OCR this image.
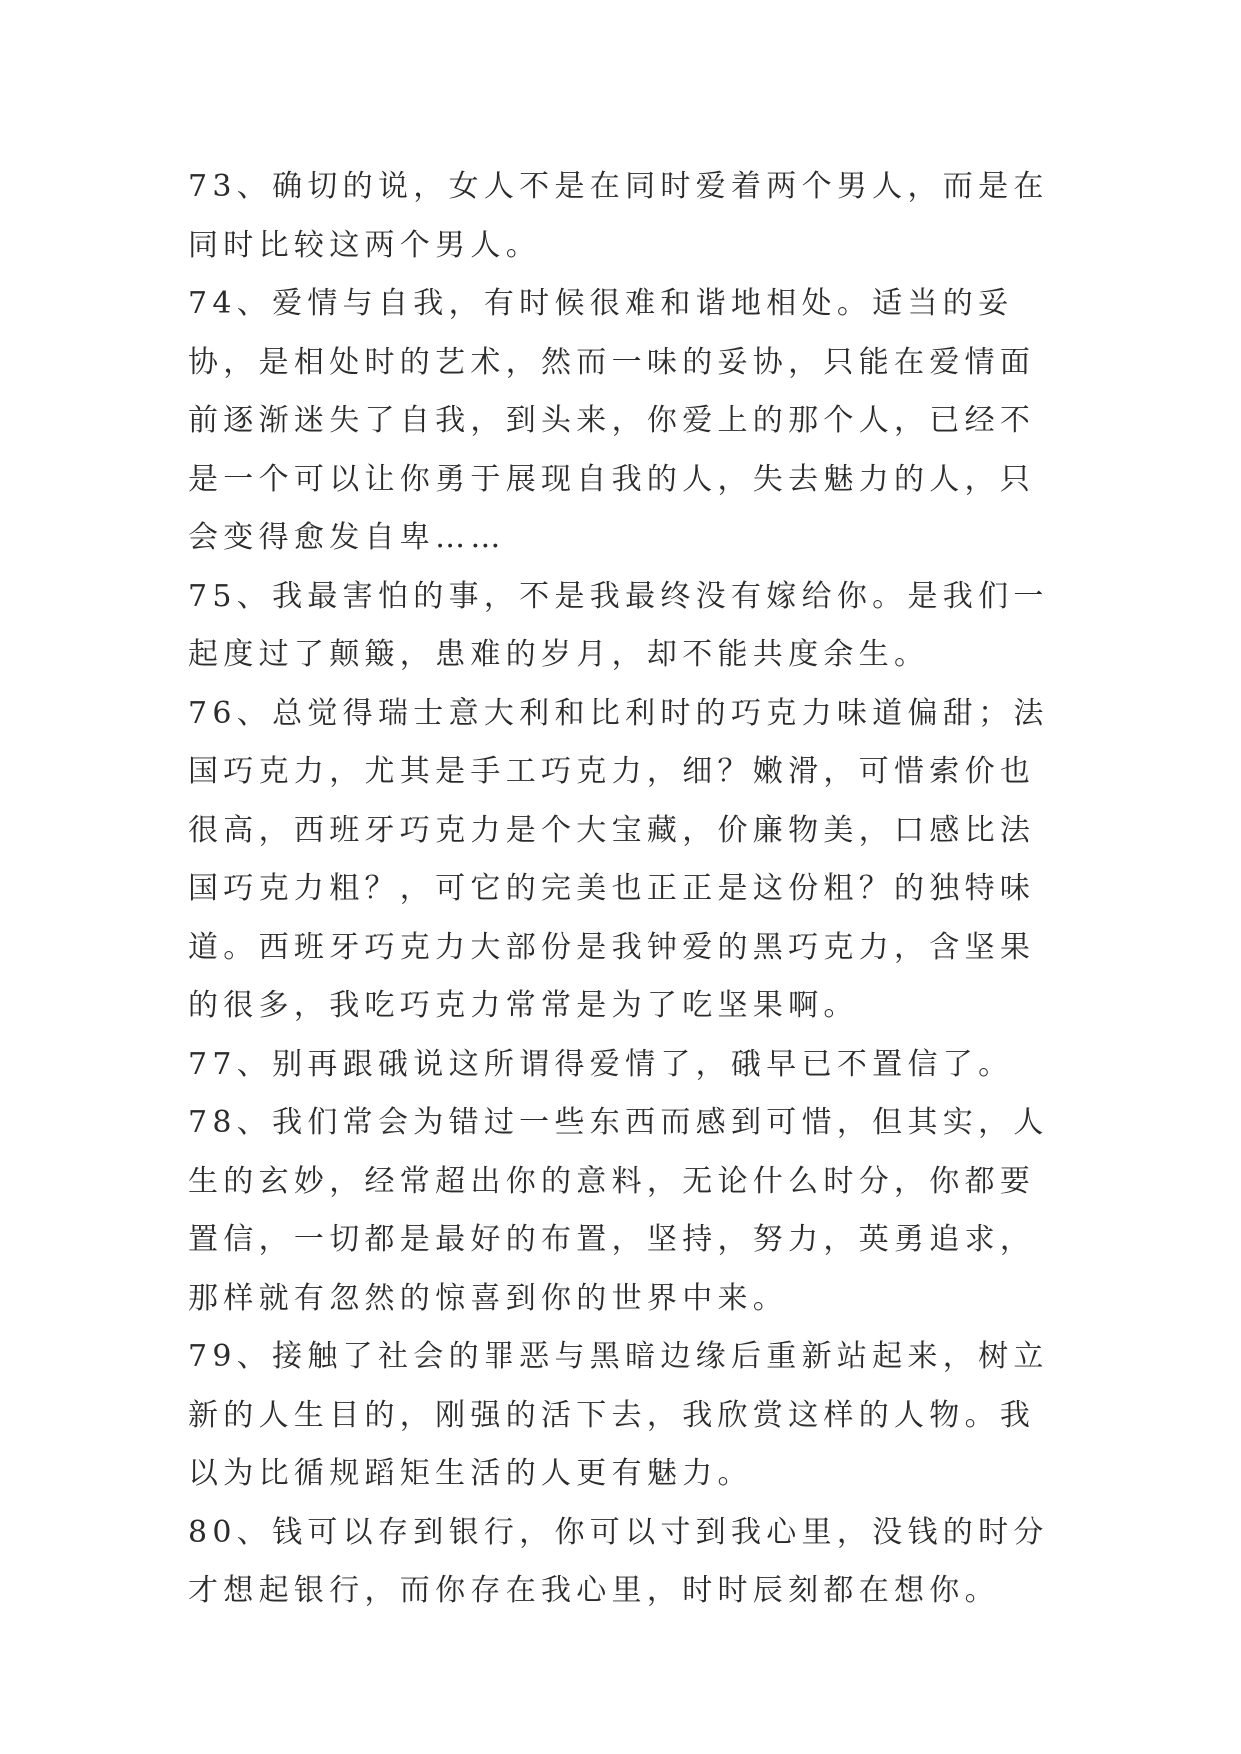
73、确切的说，女人不是在同时爱着两个男人，而是在同时比较这两个男人。

74、爱情与自我，有时候很难和谐地相处。适当的妥协，是相处时的艺术，然而一味的妥协，只能在爱情面前逐渐迷失了自我，到头来，你爱上的那个人，已经不是一个可以让你勇于展现自我的人，失去魅力的人，只会变得愈发自卑……

75、我最害怕的事，不是我最终没有嫁给你。是我们一起度过了颠簸，患难的岁月，却不能共度余生。

76、总觉得瑞士意大利和比利时的巧克力味道偏甜；法国巧克力，尤其是手工巧克力，细？嫩滑，可惜索价也很高，西班牙巧克力是个大宝藏，价廉物美，口感比法国巧克力粗？，可它的完美也正正是这份粗？的独特味道。西班牙巧克力大部份是我钟爱的黑巧克力，含坚果的很多，我吃巧克力常常是为了吃坚果啊。

77、别再跟硪说这所谓得爱情了，硪早已不置信了。

78、我们常会为错过一些东西而感到可惜，但其实，人生的玄妙，经常超出你的意料，无论什么时分，你都要置信，一切都是最好的布置，坚持，努力，英勇追求，那样就有忽然的惊喜到你的世界中来。

79、接触了社会的罪恶与黑暗边缘后重新站起来，树立新的人生目的，刚强的活下去，我欣赏这样的人物。我以为比循规蹈矩生活的人更有魅力。

80、钱可以存到银行，你可以寸到我心里，没钱的时分才想起银行，而你存在我心里，时时辰刻都在想你。
